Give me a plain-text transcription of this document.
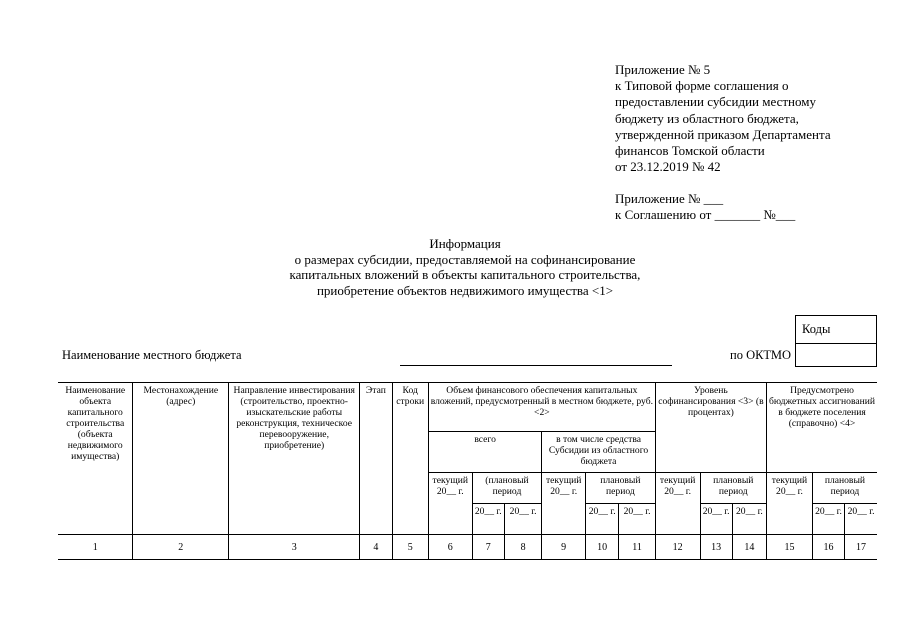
Приложение № 5
к Типовой форме соглашения о
предоставлении субсидии местному
бюджету из областного бюджета,
утвержденной приказом Департамента
финансов Томской области
от 23.12.2019 № 42
Приложение № ___
к Соглашению от _______ №___
Информация
о размерах субсидии, предоставляемой на софинансирование
капитальных вложений в объекты капитального строительства,
приобретение объектов недвижимого имущества <1>
Коды
Наименование местного бюджета	по ОКТМО
Наименование объекта капитального строительства (объекта недвижимого имущества)	Местонахождение (адрес)	Направление инвестирования (строительство, проектно-изыскательские работы реконструкция, техническое перевооружение, приобретение)	Этап	Код строки	Объем финансового обеспечения капитальных вложений, предусмотренный в местном бюджете, руб. <2>						Уровень софинансирования <3> (в процентах)			Предусмотрено бюджетных ассигнований в бюджете поселения (справочно) <4>		
					всего			в том числе средства Субсидии из областного бюджета								
					текущий 20__ г.	(плановый период		текущий 20__ г.	плановый период		текущий 20__ г.	плановый период		текущий 20__ г.	плановый период	
						20__ г.	20__ г.		20__ г.	20__ г.		20__ г.	20__ г.		20__ г.	20__ г.
1	2	3	4	5	6	7	8	9	10	11	12	13	14	15	16	17
